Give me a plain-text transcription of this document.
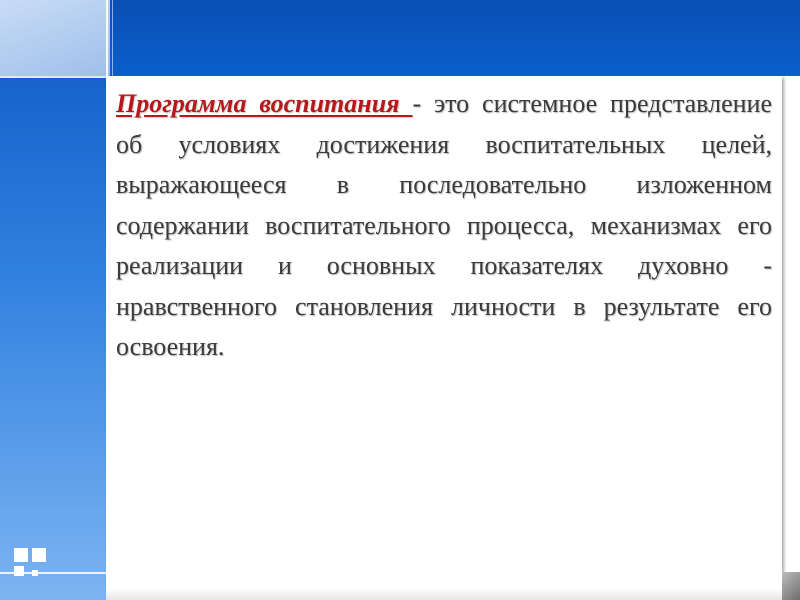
Программа воспитания - это системное представление об условиях достижения воспитательных целей, выражающееся в последовательно изложенном содержании воспитательного процесса, механизмах его реализации и основных показателях духовно - нравственного становления личности в результате его освоения.
